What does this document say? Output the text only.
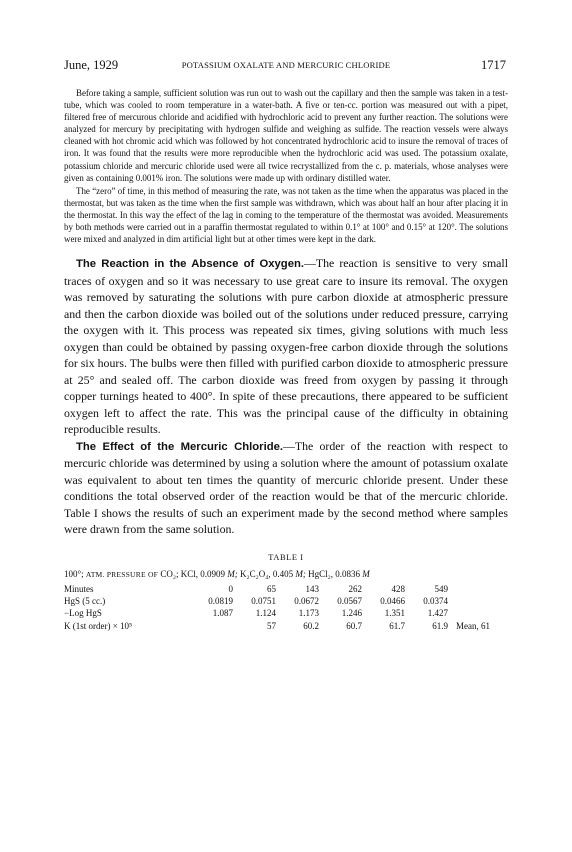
June, 1929	POTASSIUM OXALATE AND MERCURIC CHLORIDE	1717

Before taking a sample, sufficient solution was run out to wash out the capillary and then the sample was taken in a test-tube, which was cooled to room temperature in a water-bath. A five or ten-cc. portion was measured out with a pipet, filtered free of mercurous chloride and acidified with hydrochloric acid to prevent any further reaction. The solutions were analyzed for mercury by precipitating with hydrogen sulfide and weighing as sulfide. The reaction vessels were always cleaned with hot chromic acid which was followed by hot concentrated hydrochloric acid to insure the removal of traces of iron. It was found that the results were more reproducible when the hydrochloric acid was used. The potassium oxalate, potassium chloride and mercuric chloride used were all twice recrystallized from the c. p. materials, whose analyses were given as containing 0.001% iron. The solutions were made up with ordinary distilled water.

The “zero” of time, in this method of measuring the rate, was not taken as the time when the apparatus was placed in the thermostat, but was taken as the time when the first sample was withdrawn, which was about half an hour after placing it in the thermostat. In this way the effect of the lag in coming to the temperature of the thermostat was avoided. Measurements by both methods were carried out in a paraffin thermostat regulated to within 0.1° at 100° and 0.15° at 120°. The solutions were mixed and analyzed in dim artificial light but at other times were kept in the dark.

The Reaction in the Absence of Oxygen.—The reaction is sensitive to very small traces of oxygen and so it was necessary to use great care to insure its removal. The oxygen was removed by saturating the solutions with pure carbon dioxide at atmospheric pressure and then the carbon dioxide was boiled out of the solutions under reduced pressure, carrying the oxygen with it. This process was repeated six times, giving solutions with much less oxygen than could be obtained by passing oxygen-free carbon dioxide through the solutions for six hours. The bulbs were then filled with purified carbon dioxide to atmospheric pressure at 25° and sealed off. The carbon dioxide was freed from oxygen by passing it through copper turnings heated to 400°. In spite of these precautions, there appeared to be sufficient oxygen left to affect the rate. This was the principal cause of the difficulty in obtaining reproducible results.

The Effect of the Mercuric Chloride.—The order of the reaction with respect to mercuric chloride was determined by using a solution where the amount of potassium oxalate was equivalent to about ten times the quantity of mercuric chloride present. Under these conditions the total observed order of the reaction would be that of the mercuric chloride. Table I shows the results of such an experiment made by the second method where samples were drawn from the same solution.

TABLE I
100°; ATM. PRESSURE OF CO₂; KCl, 0.0909 M; K₂C₂O₄, 0.405 M; HgCl₂, 0.0836 M
Minutes	0	65	143	262	428	549	
HgS (5 cc.)	0.0819	0.0751	0.0672	0.0567	0.0466	0.0374	
−Log HgS	1.087	1.124	1.173	1.246	1.351	1.427	
K (1st order) × 10⁵		57	60.2	60.7	61.7	61.9	Mean, 61
